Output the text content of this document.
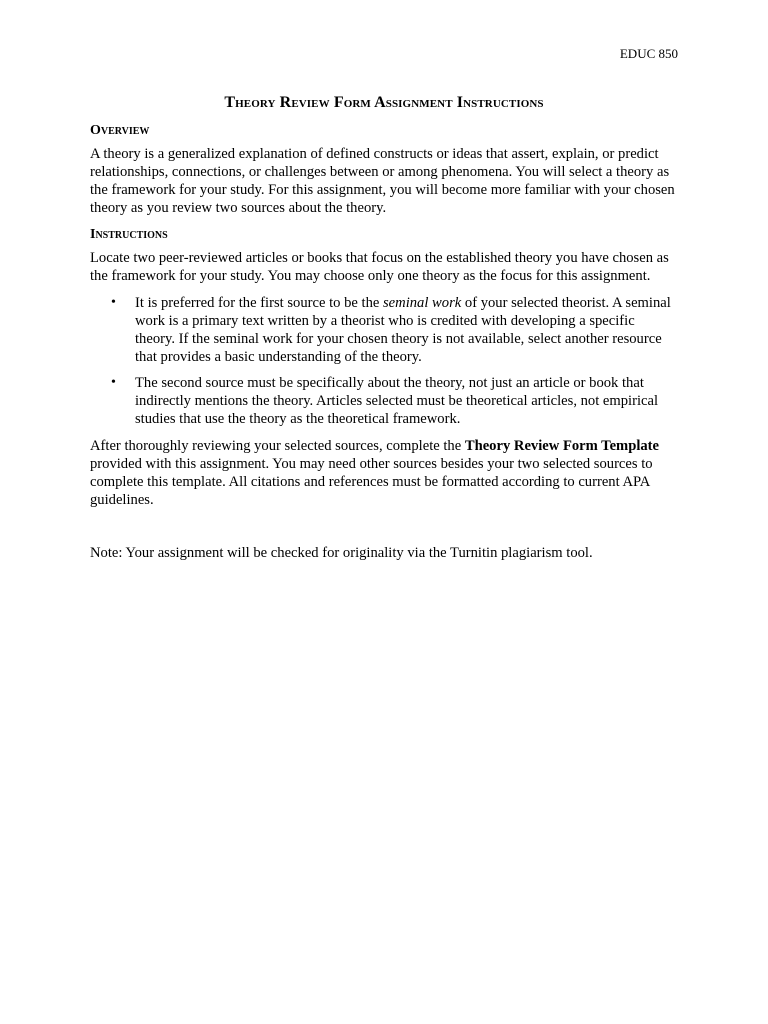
EDUC 850
Theory Review Form Assignment Instructions
Overview

A theory is a generalized explanation of defined constructs or ideas that assert, explain, or predict relationships, connections, or challenges between or among phenomena. You will select a theory as the framework for your study. For this assignment, you will become more familiar with your chosen theory as you review two sources about the theory.

Instructions

Locate two peer-reviewed articles or books that focus on the established theory you have chosen as the framework for your study. You may choose only one theory as the focus for this assignment.

• It is preferred for the first source to be the seminal work of your selected theorist. A seminal work is a primary text written by a theorist who is credited with developing a specific theory. If the seminal work for your chosen theory is not available, select another resource that provides a basic understanding of the theory.
• The second source must be specifically about the theory, not just an article or book that indirectly mentions the theory. Articles selected must be theoretical articles, not empirical studies that use the theory as the theoretical framework.

After thoroughly reviewing your selected sources, complete the Theory Review Form Template provided with this assignment. You may need other sources besides your two selected sources to complete this template. All citations and references must be formatted according to current APA guidelines.

Note: Your assignment will be checked for originality via the Turnitin plagiarism tool.
